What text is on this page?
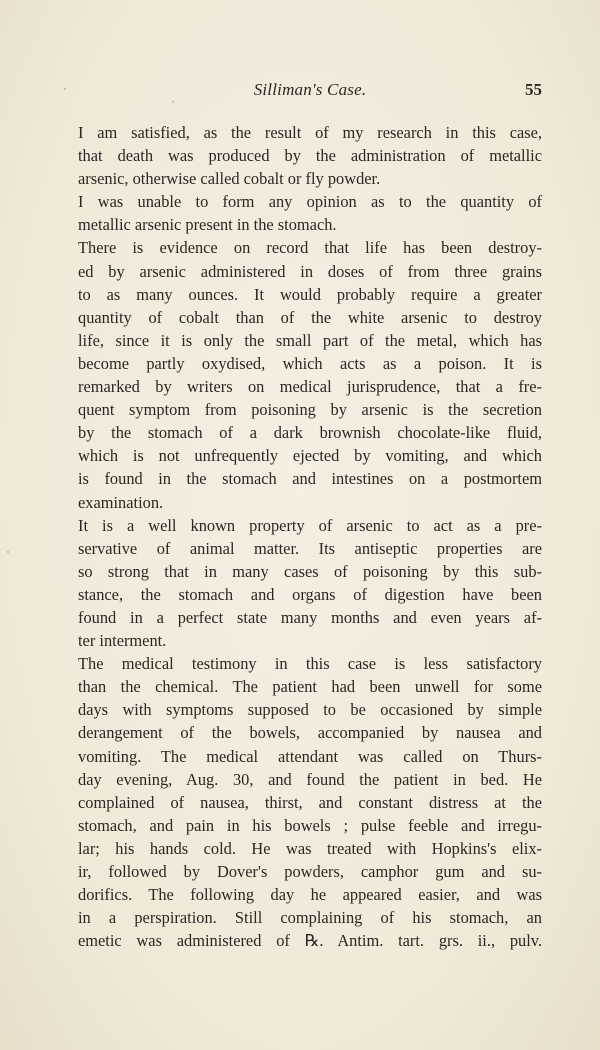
Silliman's Case.	55
I am satisfied, as the result of my research in this case,
that death was produced by the administration of metallic
arsenic, otherwise called cobalt or fly powder.
I was unable to form any opinion as to the quantity of
metallic arsenic present in the stomach.
There is evidence on record that life has been destroy-
ed by arsenic administered in doses of from three grains
to as many ounces. It would probably require a greater
quantity of cobalt than of the white arsenic to destroy
life, since it is only the small part of the metal, which has
become partly oxydised, which acts as a poison. It is
remarked by writers on medical jurisprudence, that a fre-
quent symptom from poisoning by arsenic is the secretion
by the stomach of a dark brownish chocolate-like fluid,
which is not unfrequently ejected by vomiting, and which
is found in the stomach and intestines on a postmortem
examination.
It is a well known property of arsenic to act as a pre-
servative of animal matter. Its antiseptic properties are
so strong that in many cases of poisoning by this sub-
stance, the stomach and organs of digestion have been
found in a perfect state many months and even years af-
ter interment.
The medical testimony in this case is less satisfactory
than the chemical. The patient had been unwell for some
days with symptoms supposed to be occasioned by simple
derangement of the bowels, accompanied by nausea and
vomiting. The medical attendant was called on Thurs-
day evening, Aug. 30, and found the patient in bed. He
complained of nausea, thirst, and constant distress at the
stomach, and pain in his bowels ; pulse feeble and irregu-
lar; his hands cold. He was treated with Hopkins's elix-
ir, followed by Dover's powders, camphor gum and su-
dorifics. The following day he appeared easier, and was
in a perspiration. Still complaining of his stomach, an
emetic was administered of ℞. Antim. tart. grs. ii., pulv.
